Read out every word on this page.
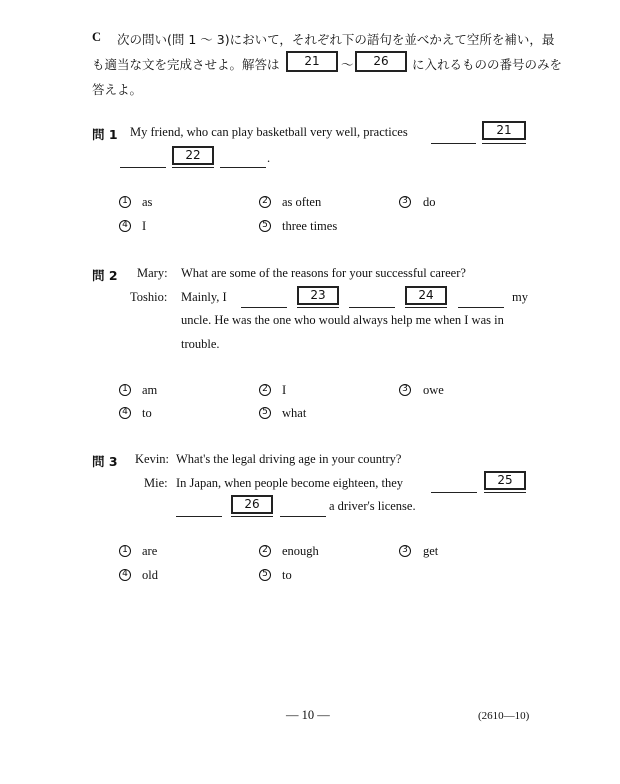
C 次の問い(問 1 〜 3)において，それぞれ下の語句を並べかえて空所を補い，最
も適当な文を完成させよ。解答は	21	〜	26	に入れるものの番号のみを
答えよ。
問 1 My friend, who can play basketball very well, practices	21
22	.
1 as	2 as often	3 do
4 I	5 three times
問 2 Mary: What are some of the reasons for your successful career?
Toshio: Mainly, I	23	24	my
uncle. He was the one who would always help me when I was in
trouble.
1 am	2 I	3 owe
4 to	5 what
問 3 Kevin: What's the legal driving age in your country?
Mie: In Japan, when people become eighteen, they	25
26	a driver's license.
1 are	2 enough	3 get
4 old	5 to
— 10 —	(2610—10)
